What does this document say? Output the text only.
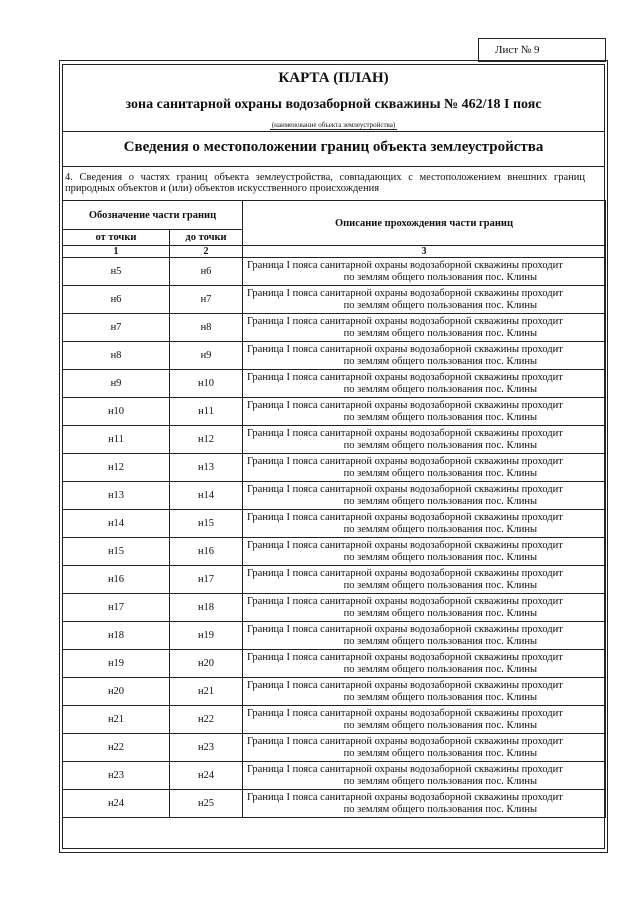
Лист № 9
КАРТА (ПЛАН)
зона санитарной охраны водозаборной скважины № 462/18 I пояс
(наименование объекта землеустройства)
Сведения о местоположении границ объекта землеустройства
4. Сведения о частях границ объекта землеустройства, совпадающих с местоположением внешних границ природных объектов и (или) объектов искусственного происхождения
Обозначение части границ		Описание прохождения части границ
от точки	до точки	
1	2	3
н5	н6	Граница I пояса санитарной охраны водозаборной скважины проходит
по землям общего пользования пос. Клины

н6	н7	Граница I пояса санитарной охраны водозаборной скважины проходит
по землям общего пользования пос. Клины

н7	н8	Граница I пояса санитарной охраны водозаборной скважины проходит
по землям общего пользования пос. Клины

н8	н9	Граница I пояса санитарной охраны водозаборной скважины проходит
по землям общего пользования пос. Клины

н9	н10	Граница I пояса санитарной охраны водозаборной скважины проходит
по землям общего пользования пос. Клины

н10	н11	Граница I пояса санитарной охраны водозаборной скважины проходит
по землям общего пользования пос. Клины

н11	н12	Граница I пояса санитарной охраны водозаборной скважины проходит
по землям общего пользования пос. Клины

н12	н13	Граница I пояса санитарной охраны водозаборной скважины проходит
по землям общего пользования пос. Клины

н13	н14	Граница I пояса санитарной охраны водозаборной скважины проходит
по землям общего пользования пос. Клины

н14	н15	Граница I пояса санитарной охраны водозаборной скважины проходит
по землям общего пользования пос. Клины

н15	н16	Граница I пояса санитарной охраны водозаборной скважины проходит
по землям общего пользования пос. Клины

н16	н17	Граница I пояса санитарной охраны водозаборной скважины проходит
по землям общего пользования пос. Клины

н17	н18	Граница I пояса санитарной охраны водозаборной скважины проходит
по землям общего пользования пос. Клины

н18	н19	Граница I пояса санитарной охраны водозаборной скважины проходит
по землям общего пользования пос. Клины

н19	н20	Граница I пояса санитарной охраны водозаборной скважины проходит
по землям общего пользования пос. Клины

н20	н21	Граница I пояса санитарной охраны водозаборной скважины проходит
по землям общего пользования пос. Клины

н21	н22	Граница I пояса санитарной охраны водозаборной скважины проходит
по землям общего пользования пос. Клины

н22	н23	Граница I пояса санитарной охраны водозаборной скважины проходит
по землям общего пользования пос. Клины

н23	н24	Граница I пояса санитарной охраны водозаборной скважины проходит
по землям общего пользования пос. Клины

н24	н25	Граница I пояса санитарной охраны водозаборной скважины проходит
по землям общего пользования пос. Клины
